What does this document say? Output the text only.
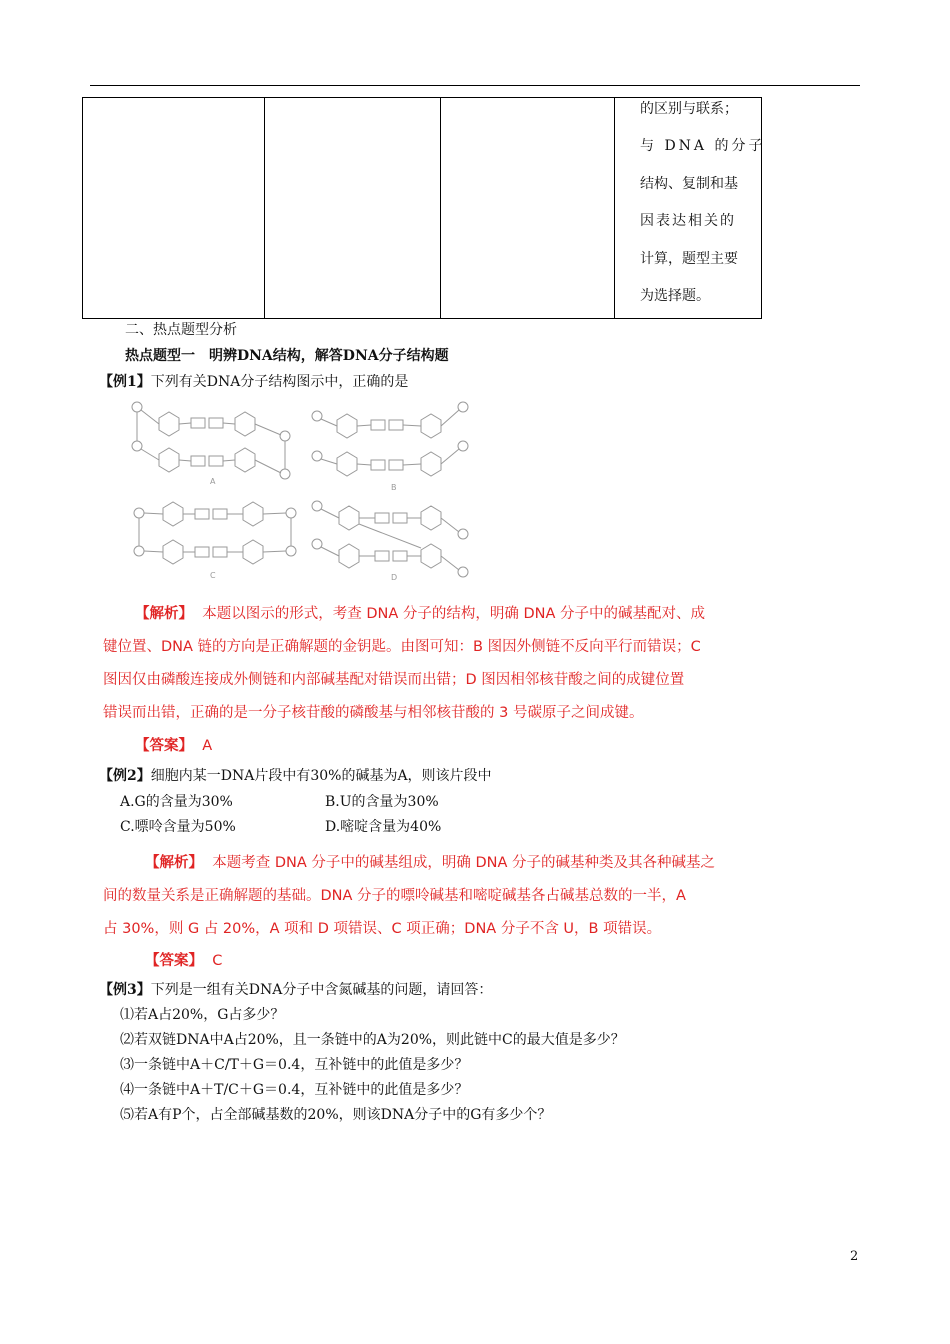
的区别与联系；
与 DNA 的分子
结构、复制和基
因表达相关的
计算，题型主要
为选择题。
二、热点题型分析
热点题型一　明辨DNA结构，解答DNA分子结构题
【例1】下列有关DNA分子结构图示中，正确的是
A
B
C	D
【解析】 本题以图示的形式，考查 DNA 分子的结构，明确 DNA 分子中的碱基配对、成
键位置、DNA 链的方向是正确解题的金钥匙。由图可知：B 图因外侧链不反向平行而错误；C
图因仅由磷酸连接成外侧链和内部碱基配对错误而出错；D 图因相邻核苷酸之间的成键位置
错误而出错，正确的是一分子核苷酸的磷酸基与相邻核苷酸的 3 号碳原子之间成键。
【答案】 A
【例2】细胞内某一DNA片段中有30%的碱基为A，则该片段中
A.G的含量为30%	B.U的含量为30%
C.嘌呤含量为50%	D.嘧啶含量为40%
【解析】 本题考查 DNA 分子中的碱基组成，明确 DNA 分子的碱基种类及其各种碱基之
间的数量关系是正确解题的基础。DNA 分子的嘌呤碱基和嘧啶碱基各占碱基总数的一半，A
占 30%，则 G 占 20%，A 项和 D 项错误、C 项正确；DNA 分子不含 U，B 项错误。
【答案】 C
【例3】下列是一组有关DNA分子中含氮碱基的问题，请回答：
⑴若A占20%，G占多少？
⑵若双链DNA中A占20%，且一条链中的A为20%，则此链中C的最大值是多少？
⑶一条链中A＋C/T＋G＝0.4，互补链中的此值是多少？
⑷一条链中A＋T/C＋G＝0.4，互补链中的此值是多少？
⑸若A有P个，占全部碱基数的20%，则该DNA分子中的G有多少个？
2
